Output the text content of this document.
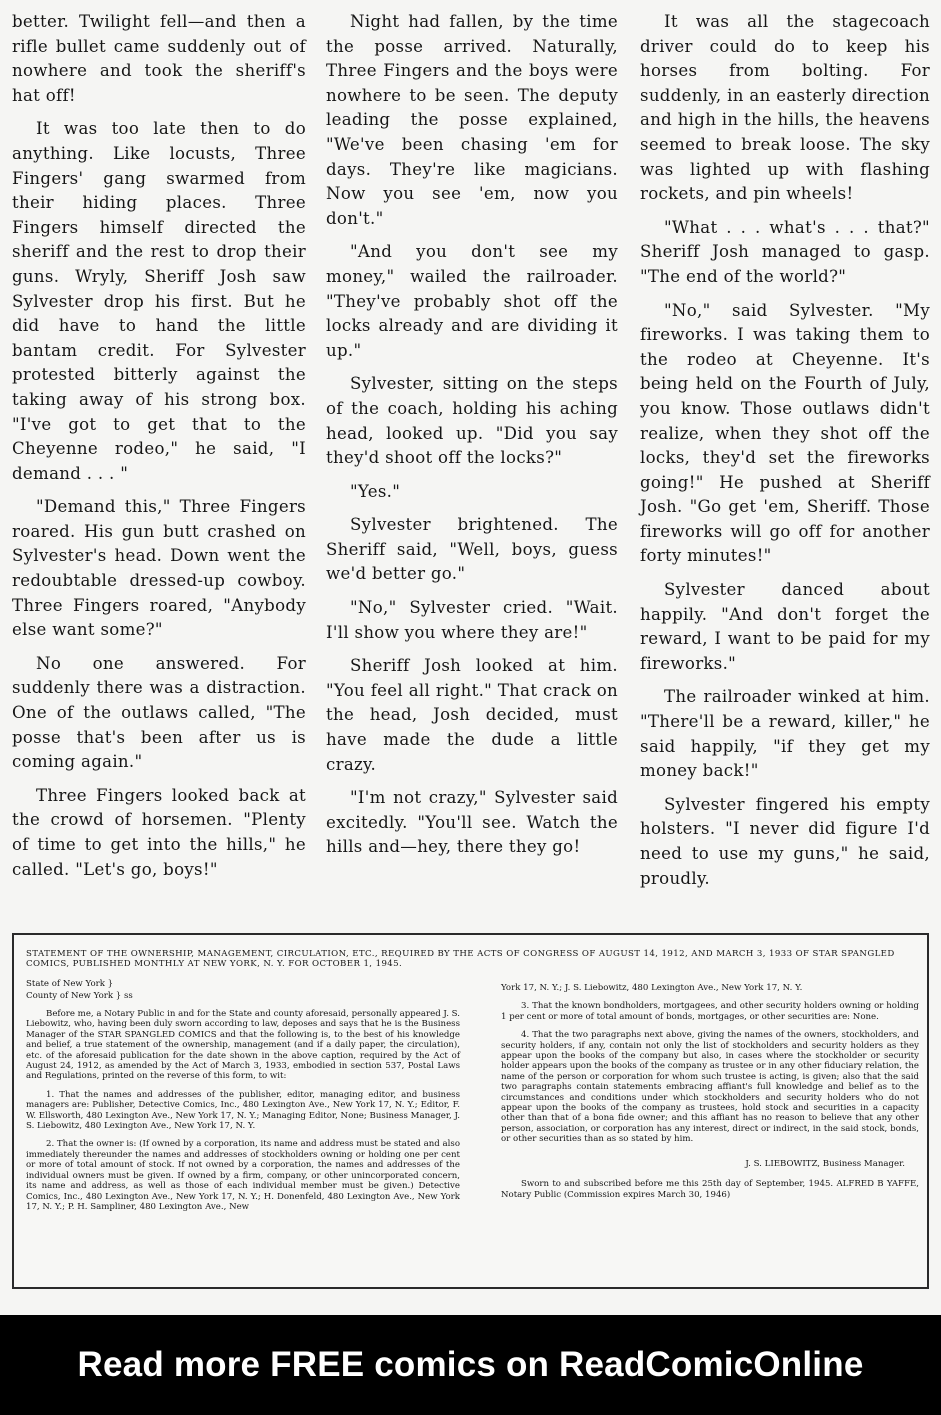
better. Twilight fell—and then a rifle bullet came suddenly out of nowhere and took the sheriff's hat off!

It was too late then to do anything. Like locusts, Three Fingers' gang swarmed from their hiding places. Three Fingers himself directed the sheriff and the rest to drop their guns. Wryly, Sheriff Josh saw Sylvester drop his first. But he did have to hand the little bantam credit. For Sylvester protested bitterly against the taking away of his strong box. "I've got to get that to the Cheyenne rodeo," he said, "I demand . . . "

"Demand this," Three Fingers roared. His gun butt crashed on Sylvester's head. Down went the redoubtable dressed-up cowboy. Three Fingers roared, "Anybody else want some?"

No one answered. For suddenly there was a distraction. One of the outlaws called, "The posse that's been after us is coming again."

Three Fingers looked back at the crowd of horsemen. "Plenty of time to get into the hills," he called. "Let's go, boys!"

Night had fallen, by the time the posse arrived. Naturally, Three Fingers and the boys were nowhere to be seen. The deputy leading the posse explained, "We've been chasing 'em for days. They're like magicians. Now you see 'em, now you don't."

"And you don't see my money," wailed the railroader. "They've probably shot off the locks already and are dividing it up."

Sylvester, sitting on the steps of the coach, holding his aching head, looked up. "Did you say they'd shoot off the locks?"

"Yes."

Sylvester brightened. The Sheriff said, "Well, boys, guess we'd better go."

"No," Sylvester cried. "Wait. I'll show you where they are!"

Sheriff Josh looked at him. "You feel all right." That crack on the head, Josh decided, must have made the dude a little crazy.

"I'm not crazy," Sylvester said excitedly. "You'll see. Watch the hills and—hey, there they go!

It was all the stagecoach driver could do to keep his horses from bolting. For suddenly, in an easterly direction and high in the hills, the heavens seemed to break loose. The sky was lighted up with flashing rockets, and pin wheels!

"What . . . what's . . . that?" Sheriff Josh managed to gasp. "The end of the world?"

"No," said Sylvester. "My fireworks. I was taking them to the rodeo at Cheyenne. It's being held on the Fourth of July, you know. Those outlaws didn't realize, when they shot off the locks, they'd set the fireworks going!" He pushed at Sheriff Josh. "Go get 'em, Sheriff. Those fireworks will go off for another forty minutes!"

Sylvester danced about happily. "And don't forget the reward, I want to be paid for my fireworks."

The railroader winked at him. "There'll be a reward, killer," he said happily, "if they get my money back!"

Sylvester fingered his empty holsters. "I never did figure I'd need to use my guns," he said, proudly.

STATEMENT OF THE OWNERSHIP, MANAGEMENT, CIRCULATION, ETC., REQUIRED BY THE ACTS OF CONGRESS OF AUGUST 14, 1912, AND MARCH 3, 1933 OF STAR SPANGLED COMICS, PUBLISHED MONTHLY AT NEW YORK, N. Y. FOR OCTOBER 1, 1945.
State of New York }
County of New York } ss

Before me, a Notary Public in and for the State and county aforesaid, personally appeared J. S. Liebowitz, who, having been duly sworn according to law, deposes and says that he is the Business Manager of the STAR SPANGLED COMICS and that the following is, to the best of his knowledge and belief, a true statement of the ownership, management (and if a daily paper, the circulation), etc. of the aforesaid publication for the date shown in the above caption, required by the Act of August 24, 1912, as amended by the Act of March 3, 1933, embodied in section 537, Postal Laws and Regulations, printed on the reverse of this form, to wit:

1. That the names and addresses of the publisher, editor, managing editor, and business managers are: Publisher, Detective Comics, Inc., 480 Lexington Ave., New York 17, N. Y.; Editor, F. W. Ellsworth, 480 Lexington Ave., New York 17, N. Y.; Managing Editor, None; Business Manager, J. S. Liebowitz, 480 Lexington Ave., New York 17, N. Y.

2. That the owner is: (If owned by a corporation, its name and address must be stated and also immediately thereunder the names and addresses of stockholders owning or holding one per cent or more of total amount of stock. If not owned by a corporation, the names and addresses of the individual owners must be given. If owned by a firm, company, or other unincorporated concern, its name and address, as well as those of each individual member must be given.) Detective Comics, Inc., 480 Lexington Ave., New York 17, N. Y.; H. Donenfeld, 480 Lexington Ave., New York 17, N. Y.; P. H. Sampliner, 480 Lexington Ave., New

York 17, N. Y.; J. S. Liebowitz, 480 Lexington Ave., New York 17, N. Y.

3. That the known bondholders, mortgagees, and other security holders owning or holding 1 per cent or more of total amount of bonds, mortgages, or other securities are: None.

4. That the two paragraphs next above, giving the names of the owners, stockholders, and security holders, if any, contain not only the list of stockholders and security holders as they appear upon the books of the company but also, in cases where the stockholder or security holder appears upon the books of the company as trustee or in any other fiduciary relation, the name of the person or corporation for whom such trustee is acting, is given; also that the said two paragraphs contain statements embracing affiant's full knowledge and belief as to the circumstances and conditions under which stockholders and security holders who do not appear upon the books of the company as trustees, hold stock and securities in a capacity other than that of a bona fide owner; and this affiant has no reason to believe that any other person, association, or corporation has any interest, direct or indirect, in the said stock, bonds, or other securities than as so stated by him.

J. S. LIEBOWITZ, Business Manager.

Sworn to and subscribed before me this 25th day of September, 1945. ALFRED B YAFFE, Notary Public (Commission expires March 30, 1946)

Read more FREE comics on ReadComicOnline
